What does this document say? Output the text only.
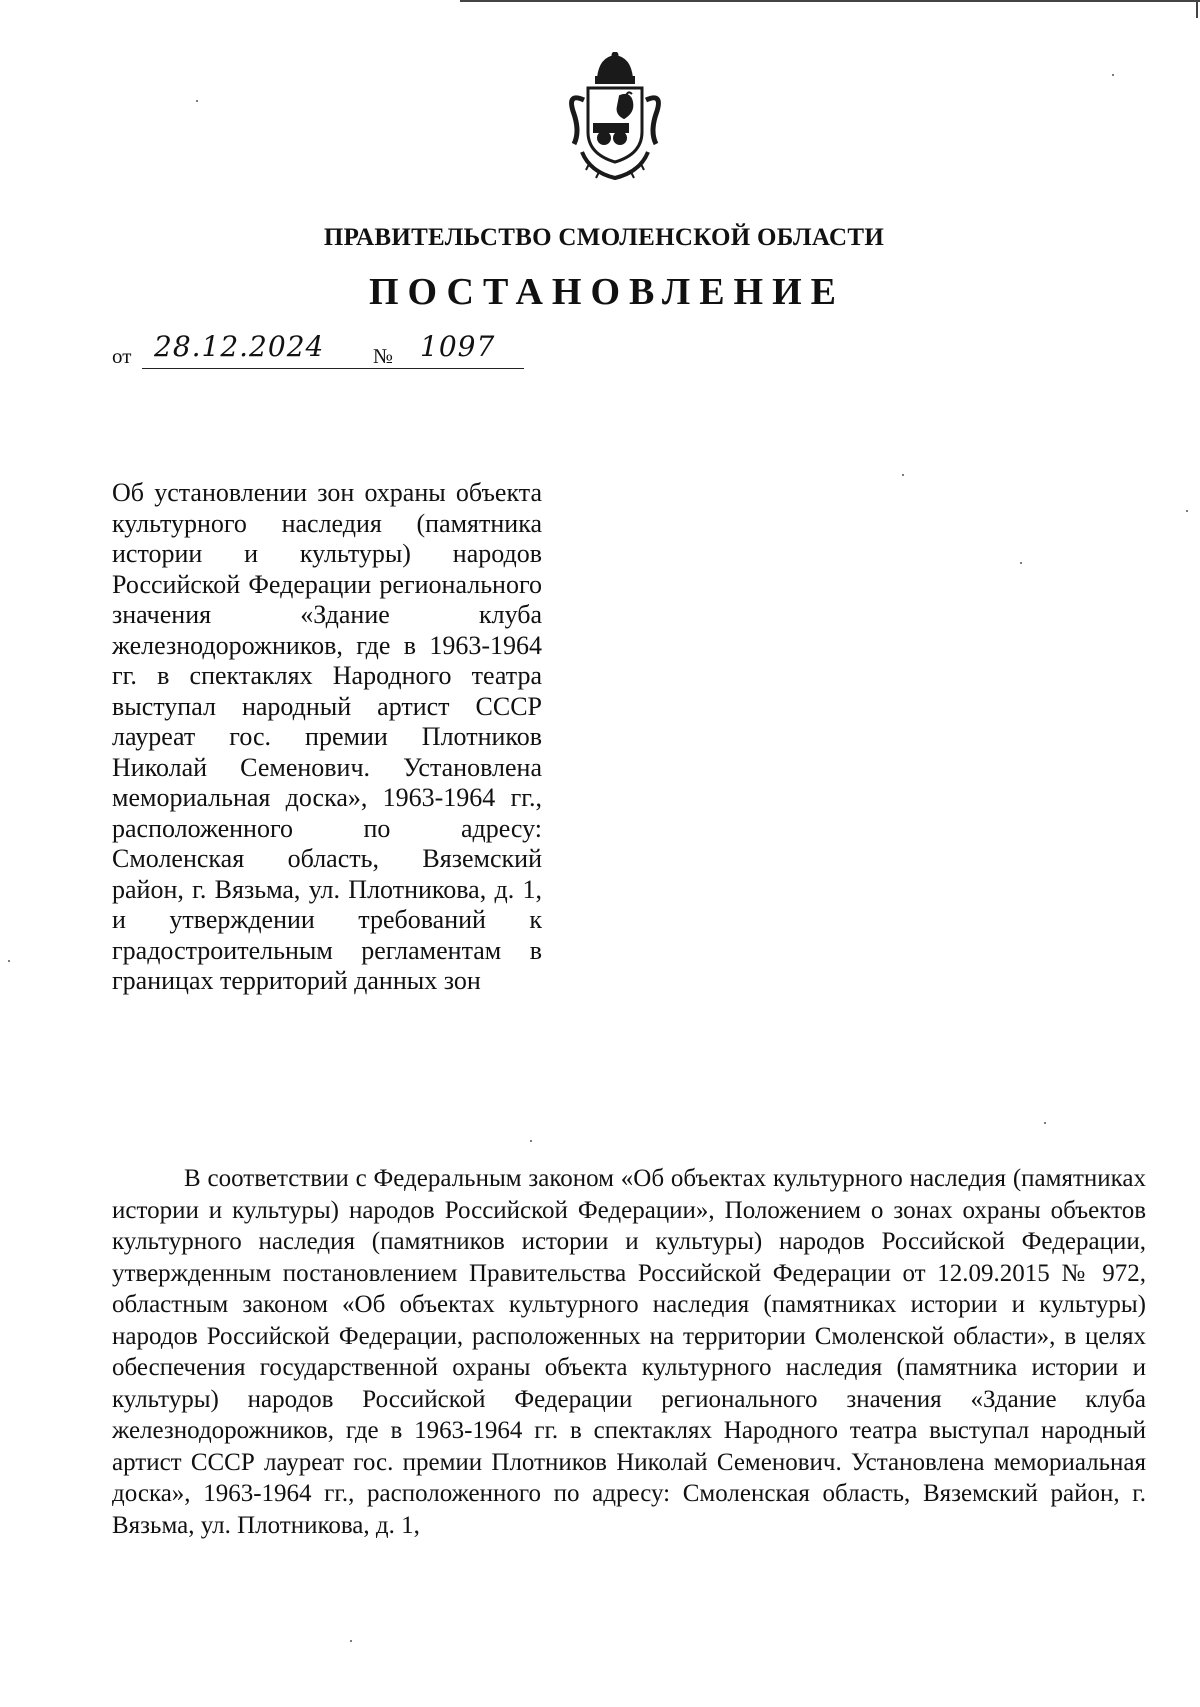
ПРАВИТЕЛЬСТВО СМОЛЕНСКОЙ ОБЛАСТИ
ПОСТАНОВЛЕНИЕ
от 28.12.2024 № 1097
Об установлении зон охраны объекта культурного наследия (памятника истории и культуры) народов Российской Федерации регионального значения «Здание клуба железнодорожников, где в 1963-1964 гг. в спектаклях Народного театра выступал народный артист СССР лауреат гос. премии Плотников Николай Семенович. Установлена мемориальная доска», 1963-1964 гг., расположенного по адресу: Смоленская область, Вяземский район, г. Вязьма, ул. Плотникова, д. 1, и утверждении требований к градостроительным регламентам в границах территорий данных зон
В соответствии с Федеральным законом «Об объектах культурного наследия (памятниках истории и культуры) народов Российской Федерации», Положением о зонах охраны объектов культурного наследия (памятников истории и культуры) народов Российской Федерации, утвержденным постановлением Правительства Российской Федерации от 12.09.2015 № 972, областным законом «Об объектах культурного наследия (памятниках истории и культуры) народов Российской Федерации, расположенных на территории Смоленской области», в целях обеспечения государственной охраны объекта культурного наследия (памятника истории и культуры) народов Российской Федерации регионального значения «Здание клуба железнодорожников, где в 1963-1964 гг. в спектаклях Народного театра выступал народный артист СССР лауреат гос. премии Плотников Николай Семенович. Установлена мемориальная доска», 1963-1964 гг., расположенного по адресу: Смоленская область, Вяземский район, г. Вязьма, ул. Плотникова, д. 1,
